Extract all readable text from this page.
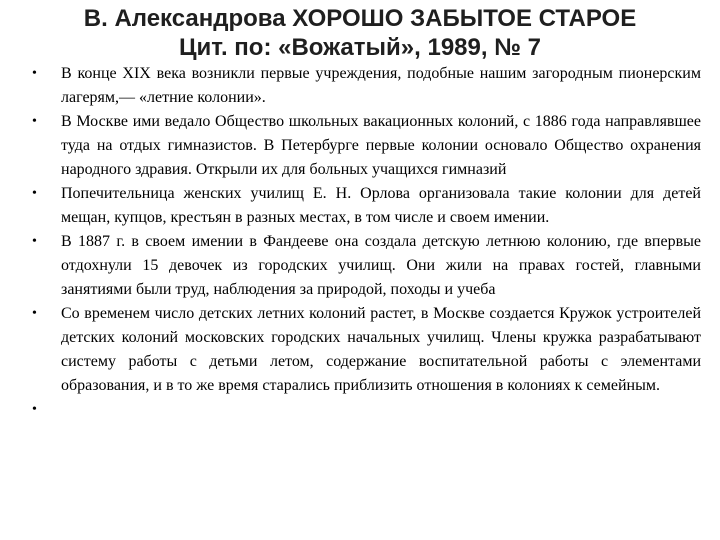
В. Александрова ХОРОШО ЗАБЫТОЕ СТАРОЕ
Цит. по: «Вожатый», 1989, № 7
• В конце XIX века возникли первые учреждения, подобные нашим загородным пионерским лагерям,— «летние колонии».
• В Москве ими ведало Общество школьных вакационных колоний, с 1886 года направлявшее туда на отдых гимназистов. В Петербурге первые колонии основало Общество охранения народного здравия. Открыли их для больных учащихся гимназий
• Попечительница женских училищ Е. Н. Орлова организовала такие колонии для детей мещан, купцов, крестьян в разных местах, в том числе и своем имении.
• В 1887 г. в своем имении в Фандееве она создала детскую летнюю колонию, где впервые отдохнули 15 девочек из городских училищ. Они жили на правах гостей, главными занятиями были труд, наблюдения за природой, походы и учеба
• Со временем число детских летних колоний растет, в Москве создается Кружок устроителей детских колоний московских городских начальных училищ. Члены кружка разрабатывают систему работы с детьми летом, содержание воспитательной работы с элементами образования, и в то же время старались приблизить отношения в колониях к семейным.
•
